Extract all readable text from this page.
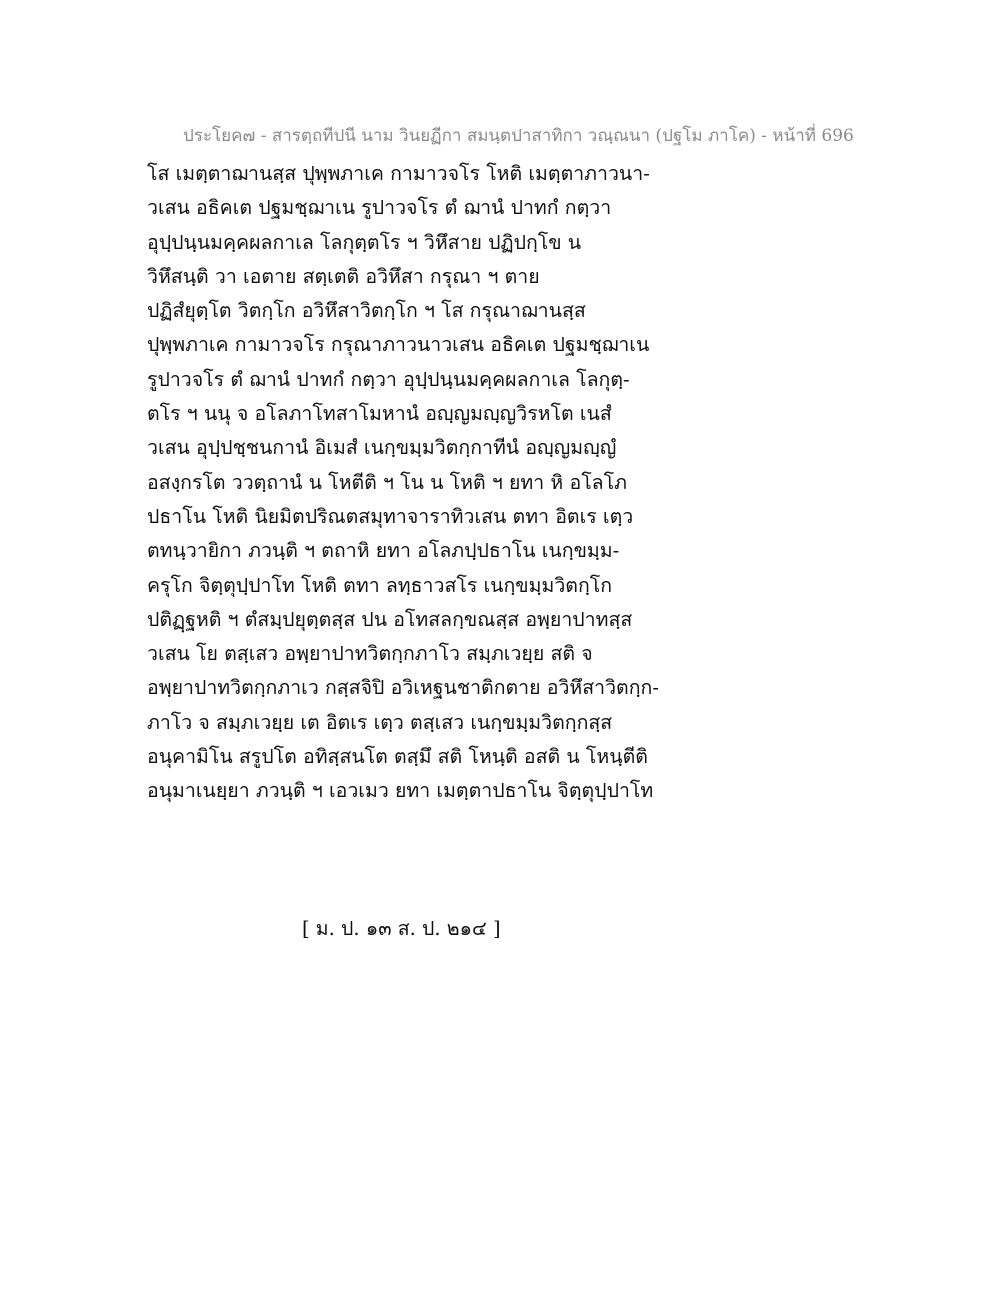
ประโยค๗ - สารตฺถทีปนี นาม วินยฏีกา สมนฺตปาสาทิกา วณฺณนา (ปฐโม ภาโค) - หน้าที่ 696
โส เมตฺตาฌานสฺส ปุพฺพภาเค กามาวจโร โหติ เมตฺตาภาวนา-
วเสน อธิคเต ปฐมชฺฌาเน รูปาวจโร ตํ ฌานํ ปาทกํ กตฺวา
อุปฺปนฺนมคฺคผลกาเล โลกุตฺตโร ฯ วิหึสาย ปฏิปกฺโข น
วิหึสนฺติ วา เอตาย สตฺเตติ อวิหึสา กรุณา ฯ ตาย
ปฏิสํยุตฺโต วิตกฺโก อวิหึสาวิตกฺโก ฯ โส กรุณาฌานสฺส
ปุพฺพภาเค กามาวจโร กรุณาภาวนาวเสน อธิคเต ปฐมชฺฌาเน
รูปาวจโร ตํ ฌานํ ปาทกํ กตฺวา อุปฺปนฺนมคฺคผลกาเล โลกุตฺ-
ตโร ฯ นนุ จ อโลภาโทสาโมหานํ อญฺญมญฺญวิรหโต เนสํ
วเสน อุปฺปชฺชนกานํ อิเมสํ เนกฺขมฺมวิตกฺกาทีนํ อญฺญมญฺญํ
อสงฺกรโต ววตฺถานํ น โหตีติ ฯ โน น โหติ ฯ ยทา หิ อโลโภ
ปธาโน โหติ นิยมิตปริณตสมุทาจาราทิวเสน ตทา อิตเร เตฺว
ตทนฺวายิกา ภวนฺติ ฯ ตถาหิ ยทา อโลภปฺปธาโน เนกฺขมฺม-
ครุโก จิตฺตุปฺปาโท โหติ ตทา ลทฺธาวสโร เนกฺขมฺมวิตกฺโก
ปติฏฺฐหติ ฯ ตํสมฺปยุตฺตสฺส ปน อโทสลกฺขณสฺส อพฺยาปาทสฺส
วเสน โย ตสฺเสว อพฺยาปาทวิตกฺกภาโว สมฺภเวยฺย สติ จ
อพฺยาปาทวิตกฺกภาเว กสฺสจิปิ อวิเหฐนชาติกตาย อวิหึสาวิตกฺก-
ภาโว จ สมฺภเวยฺย เต อิตเร เตฺว ตสฺเสว เนกฺขมฺมวิตกฺกสฺส
อนุคามิโน สรูปโต อทิสฺสนโต ตสฺมึ สติ โหนฺติ อสติ น โหนฺตีติ
อนุมาเนยฺยา ภวนฺติ ฯ เอวเมว ยทา เมตฺตาปธาโน จิตฺตุปฺปาโท
[ ม. ป. ๑๓ ส. ป. ๒๑๔ ]
